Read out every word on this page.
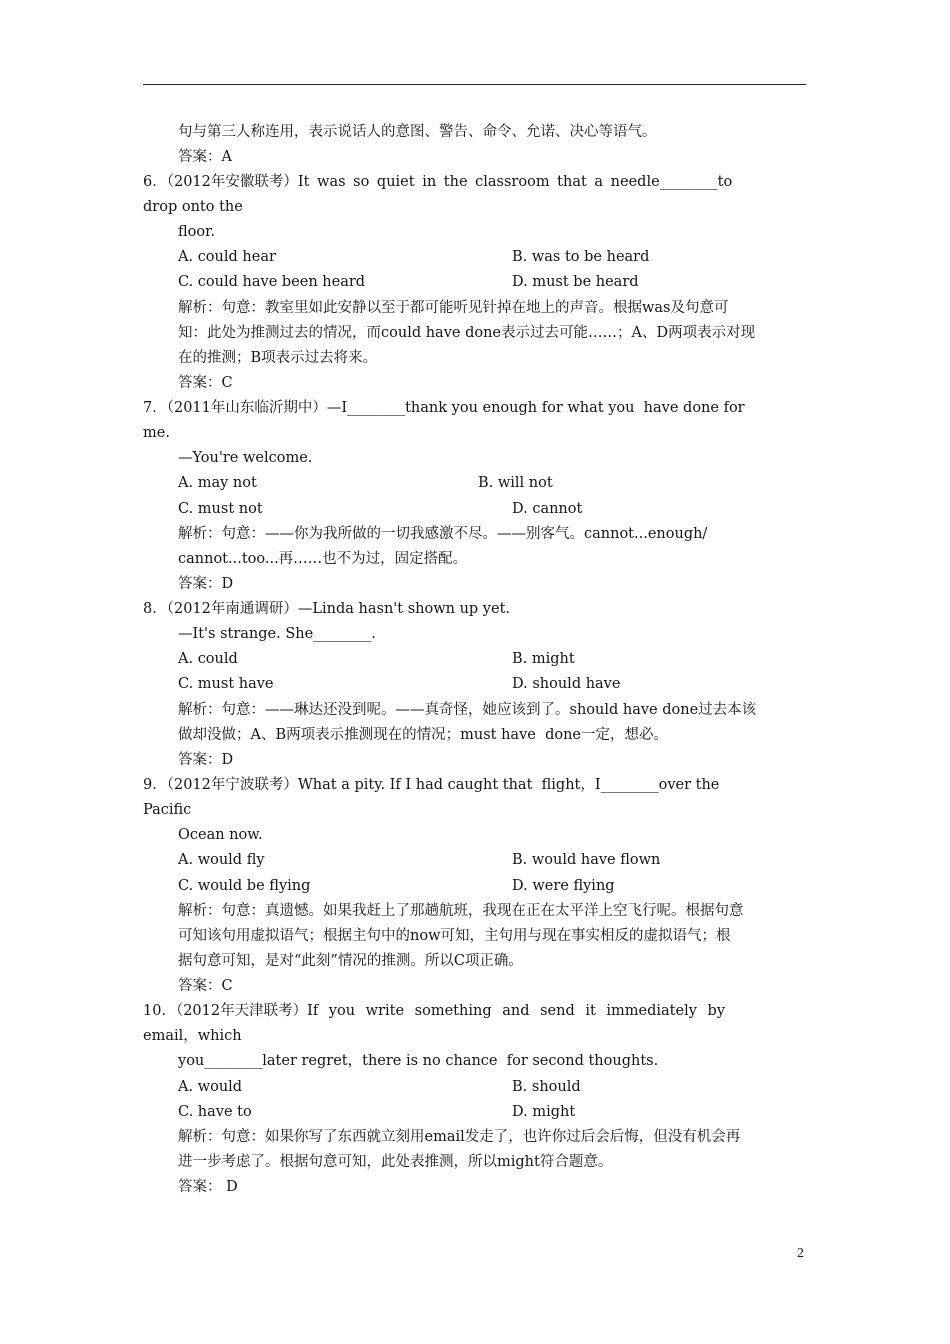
句与第三人称连用，表示说话人的意图、警告、命令、允诺、决心等语气。
答案：A
6．（2012年安徽联考）It was so quiet in the classroom that a needle________to
drop onto the
floor.
A. could hear	B. was to be heard
C. could have been heard	D. must be heard
解析：句意：教室里如此安静以至于都可能听见针掉在地上的声音。根据was及句意可
知：此处为推测过去的情况，而could have done表示过去可能……；A、D两项表示对现
在的推测；B项表示过去将来。
答案：C
7．（2011年山东临沂期中）—I________thank you enough for what you  have done for
me.
—You're welcome.
A. may not	B. will not
C. must not	D. cannot
解析：句意：——你为我所做的一切我感激不尽。——别客气。cannot...enough/
cannot...too...再……也不为过，固定搭配。
答案：D
8．（2012年南通调研）—Linda hasn't shown up yet.
—It's strange. She________.
A. could	B. might
C. must have	D. should have
解析：句意：——琳达还没到呢。——真奇怪，她应该到了。should have done过去本该
做却没做；A、B两项表示推测现在的情况；must have  done一定，想必。
答案：D
9．（2012年宁波联考）What a pity. If I had caught that  flight，I________over the
Pacific
Ocean now.
A. would fly	B. would have flown
C. would be flying	D. were flying
解析：句意：真遗憾。如果我赶上了那趟航班，我现在正在太平洋上空飞行呢。根据句意
可知该句用虚拟语气；根据主句中的now可知，主句用与现在事实相反的虚拟语气；根
据句意可知，是对“此刻”情况的推测。所以C项正确。
答案：C
10．（2012年天津联考）If you write something and send it immediately by
email，which
you________later regret，there is no chance  for second thoughts.
A. would	B. should
C. have to	D. might
解析：句意：如果你写了东西就立刻用email发走了，也许你过后会后悔，但没有机会再
进一步考虑了。根据句意可知，此处表推测，所以might符合题意。
答案： D
2
